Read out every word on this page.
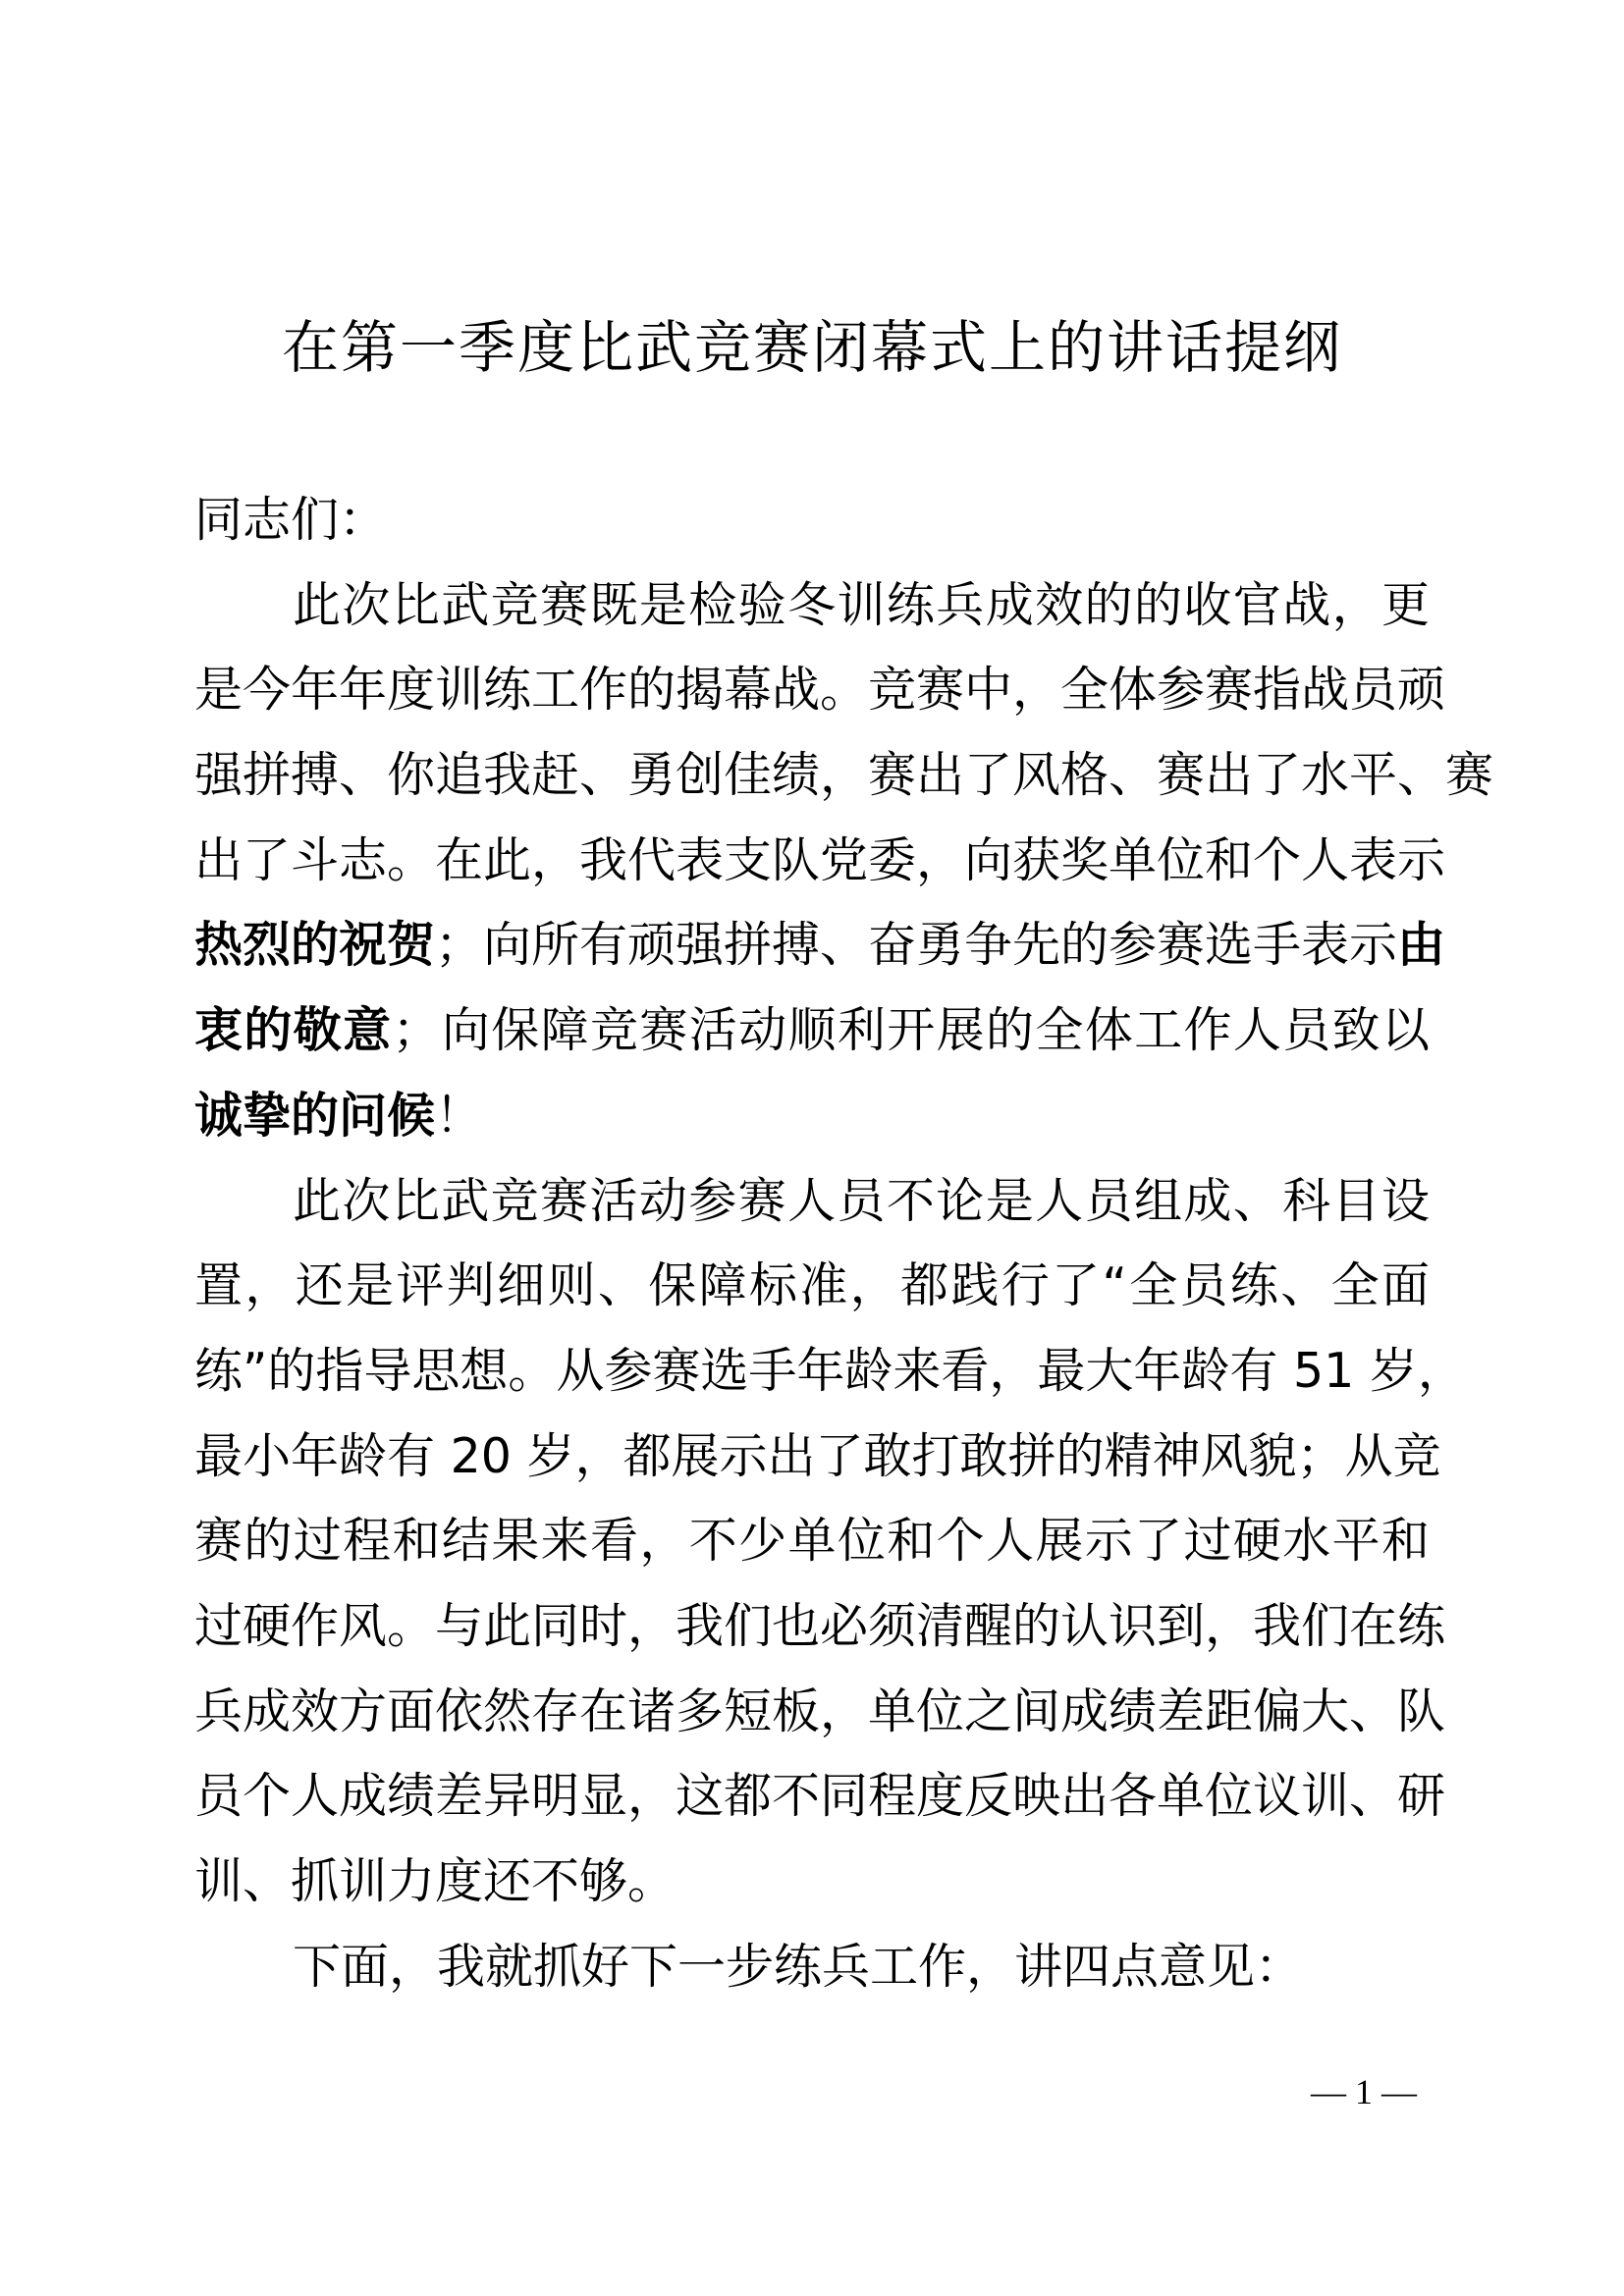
在第一季度比武竞赛闭幕式上的讲话提纲
同志们：
此次比武竞赛既是检验冬训练兵成效的的收官战，更
是今年年度训练工作的揭幕战。竞赛中，全体参赛指战员顽
强拼搏、你追我赶、勇创佳绩，赛出了风格、赛出了水平、赛
出了斗志。在此，我代表支队党委，向获奖单位和个人表示
热烈的祝贺；向所有顽强拼搏、奋勇争先的参赛选手表示由
衷的敬意；向保障竞赛活动顺利开展的全体工作人员致以
诚挚的问候！
此次比武竞赛活动参赛人员不论是人员组成、科目设
置，还是评判细则、保障标准，都践行了“全员练、全面
练”的指导思想。从参赛选手年龄来看，最大年龄有 51 岁，
最小年龄有 20 岁，都展示出了敢打敢拼的精神风貌；从竞
赛的过程和结果来看，不少单位和个人展示了过硬水平和
过硬作风。与此同时，我们也必须清醒的认识到，我们在练
兵成效方面依然存在诸多短板，单位之间成绩差距偏大、队
员个人成绩差异明显，这都不同程度反映出各单位议训、研
训、抓训力度还不够。
下面，我就抓好下一步练兵工作，讲四点意见：
— 1 —
